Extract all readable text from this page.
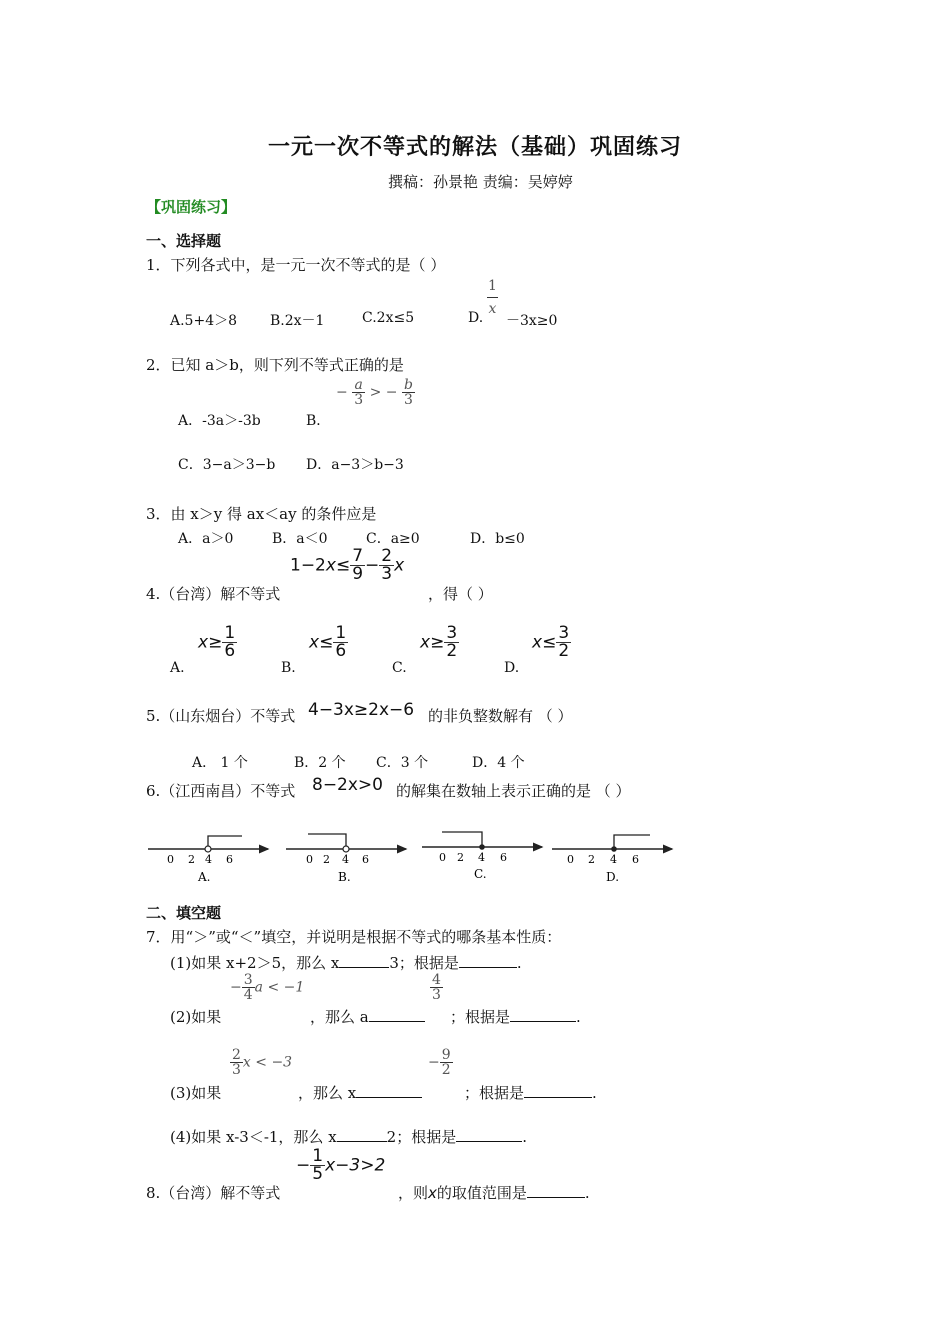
一元一次不等式的解法（基础）巩固练习
撰稿：孙景艳 责编：吴婷婷
【巩固练习】
一、选择题
1．下列各式中，是一元一次不等式的是（ ）
A.5+4＞8 B.2x－1	C.2x≤5	D.
$\frac{1}{x}$
－3x≥0
2．已知 a＞b，则下列不等式正确的是
A．-3a＞-3b	B．
− $\frac{a}{3}$ > − $\frac{b}{3}$
C．3−a＞3−b D．a−3＞b−3
3．由 x＞y 得 ax＜ay 的条件应是
A．a＞0	B．a＜0	C．a≥0	D．b≤0
4.（台湾）解不等式
$1-2x\le \frac{7}{9} - \frac{2}{3}$ x
，得（ ）
A.
$x\ge \frac{1}{6}$
B.
$x\le \frac{1}{6}$
C.
$x\ge \frac{3}{2}$
D.
$x\le \frac{3}{2}$
5.（山东烟台）不等式 4−3x≥2x−6 的非负整数解有 （ ）
A． 1 个	B．2 个 C．3 个	D．4 个
6.（江西南昌）不等式 8−2x>0 的解集在数轴上表示正确的是 （ ）
0 2 4 6
A.
0 2 4 6
B.
0 2 4 6
C.
0 2 4 6
D.
二、填空题
7．用“＞”或“＜”填空，并说明是根据不等式的哪条基本性质：
(1)如果 x+2＞5，那么 x	3；根据是	.
(2)如果
− $\frac{3}{4}$ a < −1
，那么 a
$\frac{4}{3}$
；根据是	.
(3)如果
$\frac{2}{3}$ x < −3
，那么 x
− $\frac{9}{2}$
；根据是	.
(4)如果 x-3＜-1，那么 x	2；根据是	.
8.（台湾）解不等式
− $\frac{1}{5} x-3>2$
，则x的取值范围是	.
